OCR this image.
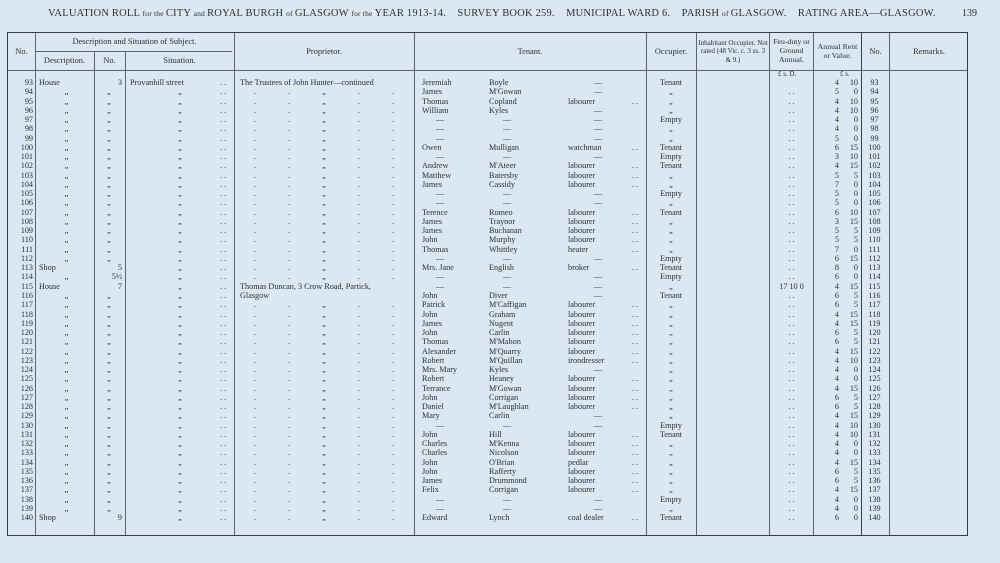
VALUATION ROLL for the CITY and ROYAL BURGH of GLASGOW for the YEAR 1913-14.    SURVEY BOOK 259.    MUNICIPAL WARD 6.    PARISH of GLASGOW.    RATING AREA—GLASGOW.	139
No.
Description and Situation of Subject.
Description.	No.	Situation.
Proprietor.	Tenant.	Occupier.
Inhabitant Occupier. Not rated (48 Vic. c. 3 ss. 3 & 9.)
Feu-duty or Ground Annual.
Annual Rent or Value.	No.	Remarks.
£ s. D.	£ s.
93 House	3 Provanhill street	The Trustees of John Hunter—continued	Jeremiah	Boyle	—	Tenant	4	10	93
. .
94	„	„	„	. . „ . .	James	M'Gowan	—	„	. .	5	0	94
. .
95	„	„	„	. . „ . .	Thomas	Copland	labourer	„	. .	4	10	95
. .
. .
96	„	„	„	. . „ . .	William	Kyles	—	„	. .	4	10	96
. .
97	„	„	„	. . „ . .	—	—	—	Empty	. .	4	0	97
. .
98	„	„	„	. . „ . .	—	—	—	„	. .	4	0	98
. .
99	„	„	„	. . „ . .	—	—	—	„	. .	5	0	99
. .
100	„	„	„	. . „ . .	Owen	Mulligan	watchman	Tenant	. .	6	15	100
. .
. .
101	„	„	„	. . „ . .	—	—	—	Empty	. .	3	10	101
. .
102	„	„	„	. . „ . .	Andrew	M'Ateer	labourer	Tenant	. .	4	15	102
. .
. .
103	„	„	„	. . „ . .	Matthew	Batersby	labourer	„	. .	5	5	103
. .
. .
104	„	„	„	. . „ . .	James	Cassidy	labourer	„	. .	7	0	104
. .
. .
105	„	„	„	. . „ . .	—	—	—	Empty	. .	5	0	105
. .
106	„	„	„	. . „ . .	—	—	—	„	. .	5	0	106
. .
107	„	„	„	. . „ . .	Terence	Romeo	labourer	Tenant	. .	6	10	107
. .
. .
108	„	„	„	. . „ . .	James	Traynor	labourer	„	. .	3	15	108
. .
. .
109	„	„	„	. . „ . .	James	Buchanan	labourer	„	. .	5	5	109
. .
. .
110	„	„	„	. . „ . .	John	Murphy	labourer	„	. .	5	5	110
. .
. .
111	„	„	„	. . „ . .	Thomas	Whittley	heater	„	. .	7	0	111
. .
. .
112	„	„	„	. . „ . .	—	—	—	Empty	. .	6	15	112
. .
113 Shop	5	„	. . „ . .	Mrs. Jane	English	broker	Tenant	. .	8	0	113
. .
. .
114	„	5½	„	. . „ . .	—	—	—	Empty	. .	6	0	114
. .
115 House	7	„	Thomas Duncan, 3 Crow Road, Partick,	—	—	—	„	17 10 0	4	15	115
. .
116	„	„	„	Glasgow	John	Diver	—	Tenant	. .	6	5	116
. .
117	„	„	„	. . „ . .	Patrick	M'Caffigan	labourer	„	. .	6	5	117
. .
. .
118	„	„	„	. . „ . .	John	Graham	labourer	„	. .	4	15	118
. .
. .
119	„	„	„	. . „ . .	James	Nugent	labourer	„	. .	4	15	119
. .
. .
120	„	„	„	. . „ . .	John	Carlin	labourer	„	. .	6	5	120
. .
. .
121	„	„	„	. . „ . .	Thomas	M'Mahon	labourer	„	. .	6	5	121
. .
. .
122	„	„	„	. . „ . .	Alexander	M'Quarry	labourer	„	. .	4	15	122
. .
. .
123	„	„	„	. . „ . .	Robert	M'Quillan	irondresser	„	. .	4	10	123
. .
. .
124	„	„	„	. . „ . .	Mrs. Mary	Kyles	—	„	. .	4	0	124
. .
125	„	„	„	. . „ . .	Robert	Heaney	labourer	„	. .	4	0	125
. .
. .
126	„	„	„	. . „ . .	Terrance	M'Gowan	labourer	„	. .	4	15	126
. .
. .
127	„	„	„	. . „ . .	John	Corrigan	labourer	„	. .	6	5	127
. .
. .
128	„	„	„	. . „ . .	Daniel	M'Laughlan	labourer	„	. .	6	5	128
. .
. .
129	„	„	„	. . „ . .	Mary	Carlin	—	„	. .	4	15	129
. .
130	„	„	„	. . „ . .	—	—	—	Empty	. .	4	10	130
. .
131	„	„	„	. . „ . .	John	Hill	labourer	Tenant	. .	4	10	131
. .
. .
132	„	„	„	. . „ . .	Charles	M'Kenna	labourer	„	. .	4	0	132
. .
. .
133	„	„	„	. . „ . .	Charles	Nicolson	labourer	„	. .	4	0	133
. .
. .
134	„	„	„	. . „ . .	John	O'Brian	pedlar	„	. .	4	15	134
. .
. .
135	„	„	„	. . „ . .	John	Rafferty	labourer	„	. .	6	5	135
. .
. .
136	„	„	„	. . „ . .	James	Drummond	labourer	„	. .	6	5	136
. .
. .
137	„	„	„	. . „ . .	Felix	Corrigan	labourer	„	. .	4	15	137
. .
. .
138	„	„	„	. . „ . .	—	—	—	Empty	. .	4	0	138
. .
139	„	„	„	. . „ . .	—	—	—	„	. .	4	0	139
. .
140 Shop	9	„	. . „ . .	Edward	Lynch	coal dealer	Tenant	. .	6	0	140
. .
. .
